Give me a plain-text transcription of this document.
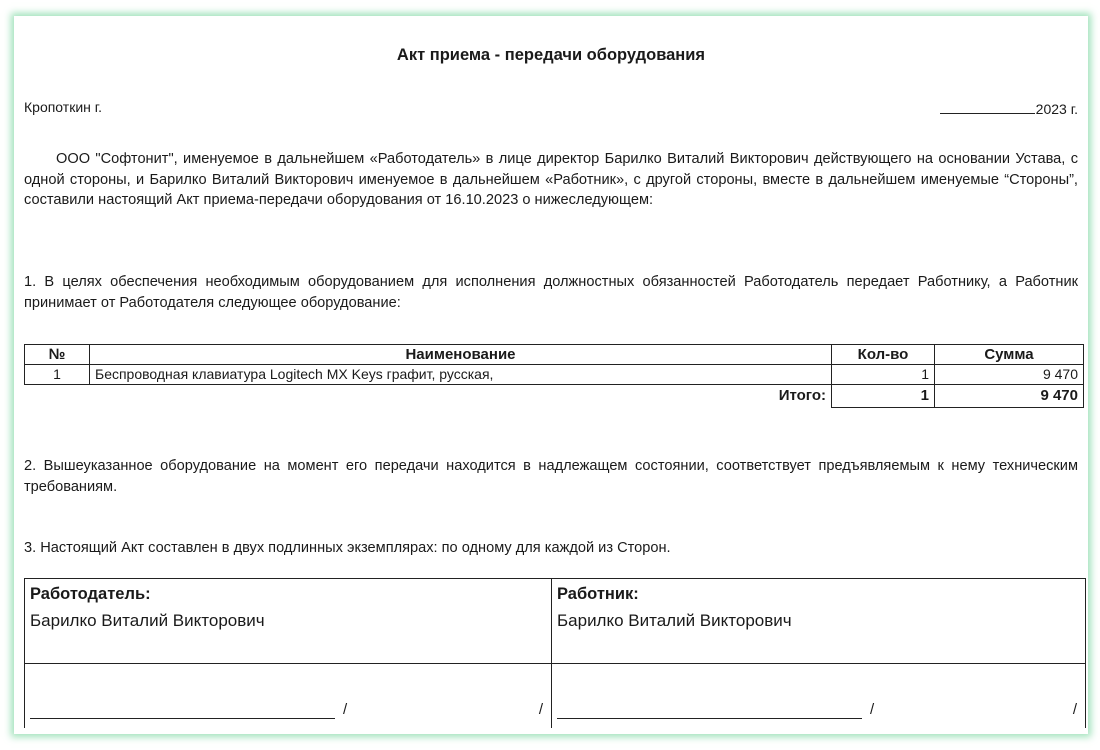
Акт приема - передачи оборудования
Кропоткин г.	2023 г.
ООО "Софтонит", именуемое в дальнейшем «Работодатель» в лице директор Барилко Виталий Викторович действующего на основании Устава, с одной стороны, и Барилко Виталий Викторович именуемое в дальнейшем «Работник», с другой стороны, вместе в дальнейшем именуемые “Стороны”, составили настоящий Акт приема-передачи оборудования от 16.10.2023 о нижеследующем:
1. В целях обеспечения необходимым оборудованием для исполнения должностных обязанностей Работодатель передает Работнику, а Работник принимает от Работодателя следующее оборудование:
№	Наименование	Кол-во	Сумма
1	Беспроводная клавиатура Logitech MX Keys графит, русская,	1	9 470
Итого:		1	9 470
2. Вышеуказанное оборудование на момент его передачи находится в надлежащем состоянии, соответствует предъявляемым к нему техническим требованиям.
3. Настоящий Акт составлен в двух подлинных экземплярах: по одному для каждой из Сторон.
Работодатель:
Барилко Виталий Викторович
/	/
Работник:
Барилко Виталий Викторович
/	/
